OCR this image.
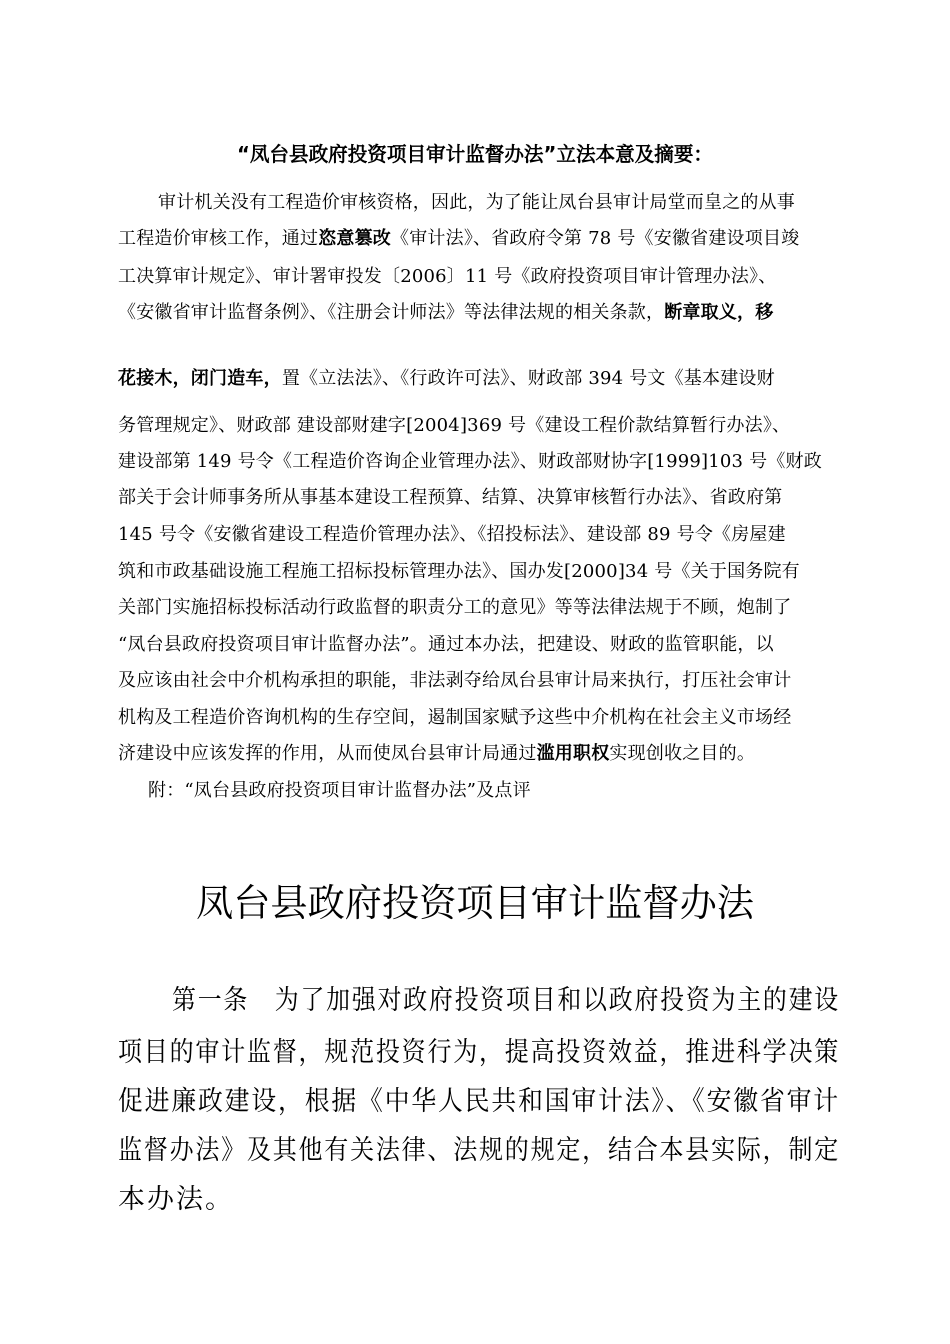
“凤台县政府投资项目审计监督办法”立法本意及摘要：
审计机关没有工程造价审核资格，因此，为了能让凤台县审计局堂而皇之的从事
工程造价审核工作，通过恣意篡改《审计法》、省政府令第 78 号《安徽省建设项目竣
工决算审计规定》、审计署审投发〔2006〕11 号《政府投资项目审计管理办法》、
《安徽省审计监督条例》、《注册会计师法》等法律法规的相关条款，断章取义，移
花接木，闭门造车，置《立法法》、《行政许可法》、财政部 394 号文《基本建设财
务管理规定》、财政部 建设部财建字[2004]369 号《建设工程价款结算暂行办法》、
建设部第 149 号令《工程造价咨询企业管理办法》、财政部财协字[1999]103 号《财政
部关于会计师事务所从事基本建设工程预算、结算、决算审核暂行办法》、省政府第
145 号令《安徽省建设工程造价管理办法》、《招投标法》、建设部 89 号令《房屋建
筑和市政基础设施工程施工招标投标管理办法》、国办发[2000]34 号《关于国务院有
关部门实施招标投标活动行政监督的职责分工的意见》等等法律法规于不顾，炮制了
“凤台县政府投资项目审计监督办法”。通过本办法，把建设、财政的监管职能，以
及应该由社会中介机构承担的职能，非法剥夺给凤台县审计局来执行，打压社会审计
机构及工程造价咨询机构的生存空间，遏制国家赋予这些中介机构在社会主义市场经
济建设中应该发挥的作用，从而使凤台县审计局通过滥用职权实现创收之目的。
附：“凤台县政府投资项目审计监督办法”及点评
凤台县政府投资项目审计监督办法
第一条　为了加强对政府投资项目和以政府投资为主的建设
项目的审计监督，规范投资行为，提高投资效益，推进科学决策
促进廉政建设，根据《中华人民共和国审计法》、《安徽省审计
监督办法》及其他有关法律、法规的规定，结合本县实际，制定
本办法。
